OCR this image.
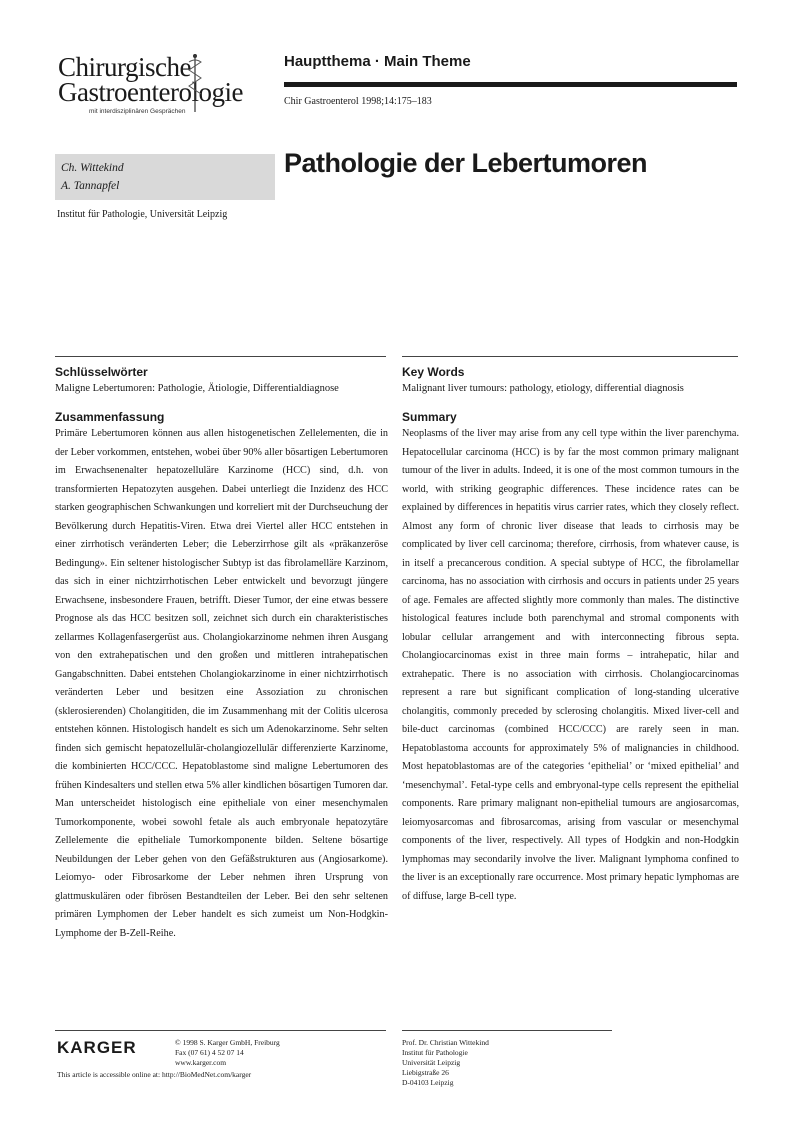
Chirurgische
Gastroenterologie
mit interdisziplinären Gesprächen
Hauptthema · Main Theme
Chir Gastroenterol 1998;14:175–183
Ch. Wittekind
A. Tannapfel
Institut für Pathologie, Universität Leipzig
Pathologie der Lebertumoren
Schlüsselwörter

Maligne Lebertumoren: Pathologie, Ätiologie, Differentialdiagnose

Zusammenfassung

Primäre Lebertumoren können aus allen histogenetischen Zellelementen, die in der Leber vorkommen, entstehen, wobei über 90% aller bösartigen Lebertumoren im Erwachsenenalter hepatozelluläre Karzinome (HCC) sind, d.h. von transformierten Hepatozyten ausgehen. Dabei unterliegt die Inzidenz des HCC starken geographischen Schwankungen und korreliert mit der Durchseuchung der Bevölkerung durch Hepatitis-Viren. Etwa drei Viertel aller HCC entstehen in einer zirrhotisch veränderten Leber; die Leberzirrhose gilt als «präkanzeröse Bedingung». Ein seltener histologischer Subtyp ist das fibrolamelläre Karzinom, das sich in einer nichtzirrhotischen Leber entwickelt und bevorzugt jüngere Erwachsene, insbesondere Frauen, betrifft. Dieser Tumor, der eine etwas bessere Prognose als das HCC besitzen soll, zeichnet sich durch ein charakteristisches zellarmes Kollagenfasergerüst aus. Cholangiokarzinome nehmen ihren Ausgang von den extrahepatischen und den großen und mittleren intrahepatischen Gangabschnitten. Dabei entstehen Cholangiokarzinome in einer nichtzirrhotisch veränderten Leber und besitzen eine Assoziation zu chronischen (sklerosierenden) Cholangitiden, die im Zusammenhang mit der Colitis ulcerosa entstehen können. Histologisch handelt es sich um Adenokarzinome. Sehr selten finden sich gemischt hepatozellulär-cholangiozellulär differenzierte Karzinome, die kombinierten HCC/CCC. Hepatoblastome sind maligne Lebertumoren des frühen Kindesalters und stellen etwa 5% aller kindlichen bösartigen Tumoren dar. Man unterscheidet histologisch eine epitheliale von einer mesenchymalen Tumorkomponente, wobei sowohl fetale als auch embryonale hepatozytäre Zellelemente die epitheliale Tumorkomponente bilden. Seltene bösartige Neubildungen der Leber gehen von den Gefäßstrukturen aus (Angiosarkome). Leiomyo- oder Fibrosarkome der Leber nehmen ihren Ursprung von glattmuskulären oder fibrösen Bestandteilen der Leber. Bei den sehr seltenen primären Lymphomen der Leber handelt es sich zumeist um Non-Hodgkin-Lymphome der B-Zell-Reihe.

Key Words

Malignant liver tumours: pathology, etiology, differential diagnosis

Summary

Neoplasms of the liver may arise from any cell type within the liver parenchyma. Hepatocellular carcinoma (HCC) is by far the most common primary malignant tumour of the liver in adults. Indeed, it is one of the most common tumours in the world, with striking geographic differences. These incidence rates can be explained by differences in hepatitis virus carrier rates, which they closely reflect. Almost any form of chronic liver disease that leads to cirrhosis may be complicated by liver cell carcinoma; therefore, cirrhosis, from whatever cause, is in itself a precancerous condition. A special subtype of HCC, the fibrolamellar carcinoma, has no association with cirrhosis and occurs in patients under 25 years of age. Females are affected slightly more commonly than males. The distinctive histological features include both parenchymal and stromal components with lobular cellular arrangement and with interconnecting fibrous septa. Cholangiocarcinomas exist in three main forms – intrahepatic, hilar and extrahepatic. There is no association with cirrhosis. Cholangiocarcinomas represent a rare but significant complication of long-standing ulcerative cholangitis, commonly preceded by sclerosing cholangitis. Mixed liver-cell and bile-duct carcinomas (combined HCC/CCC) are rarely seen in man. Hepatoblastoma accounts for approximately 5% of malignancies in childhood. Most hepatoblastomas are of the categories ‘epithelial’ or ‘mixed epithelial’ and ‘mesenchymal’. Fetal-type cells and embryonal-type cells represent the epithelial components. Rare primary malignant non-epithelial tumours are angiosarcomas, leiomyosarcomas and fibrosarcomas, arising from vascular or mesenchymal components of the liver, respectively. All types of Hodgkin and non-Hodgkin lymphomas may secondarily involve the liver. Malignant lymphoma confined to the liver is an exceptionally rare occurrence. Most primary hepatic lymphomas are of diffuse, large B-cell type.

KARGER	© 1998 S. Karger GmbH, Freiburg
Fax (07 61) 4 52 07 14
www.karger.com
This article is accessible online at: http://BioMedNet.com/karger
Prof. Dr. Christian Wittekind
Institut für Pathologie
Universität Leipzig
Liebigstraße 26
D-04103 Leipzig
